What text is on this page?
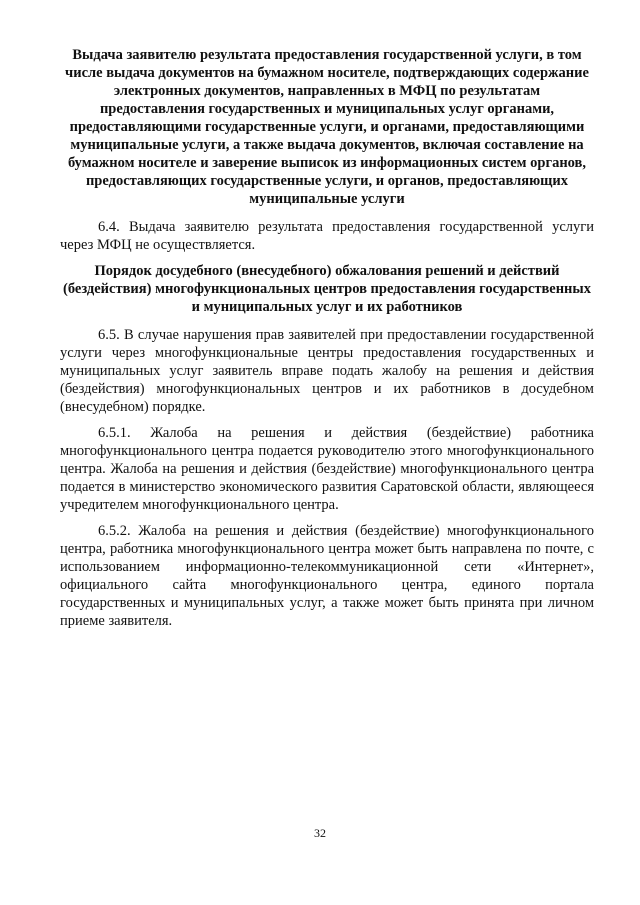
Выдача заявителю результата предоставления государственной услуги, в том числе выдача документов на бумажном носителе, подтверждающих содержание электронных документов, направленных в МФЦ по результатам предоставления государственных и муниципальных услуг органами, предоставляющими государственные услуги, и органами, предоставляющими муниципальные услуги, а также выдача документов, включая составление на бумажном носителе и заверение выписок из информационных систем органов, предоставляющих государственные услуги, и органов, предоставляющих муниципальные услуги

6.4. Выдача заявителю результата предоставления государственной услуги через МФЦ не осуществляется.

Порядок досудебного (внесудебного) обжалования решений и действий (бездействия) многофункциональных центров предоставления государственных и муниципальных услуг и их работников

6.5. В случае нарушения прав заявителей при предоставлении государственной услуги через многофункциональные центры предоставления государственных и муниципальных услуг заявитель вправе подать жалобу на решения и действия (бездействия) многофункциональных центров и их работников в досудебном (внесудебном) порядке.

6.5.1. Жалоба на решения и действия (бездействие) работника многофункционального центра подается руководителю этого многофункционального центра. Жалоба на решения и действия (бездействие) многофункционального центра подается в министерство экономического развития Саратовской области, являющееся учредителем многофункционального центра.

6.5.2. Жалоба на решения и действия (бездействие) многофункционального центра, работника многофункционального центра может быть направлена по почте, с использованием информационно-телекоммуникационной сети «Интернет», официального сайта многофункционального центра, единого портала государственных и муниципальных услуг, а также может быть принята при личном приеме заявителя.

32
